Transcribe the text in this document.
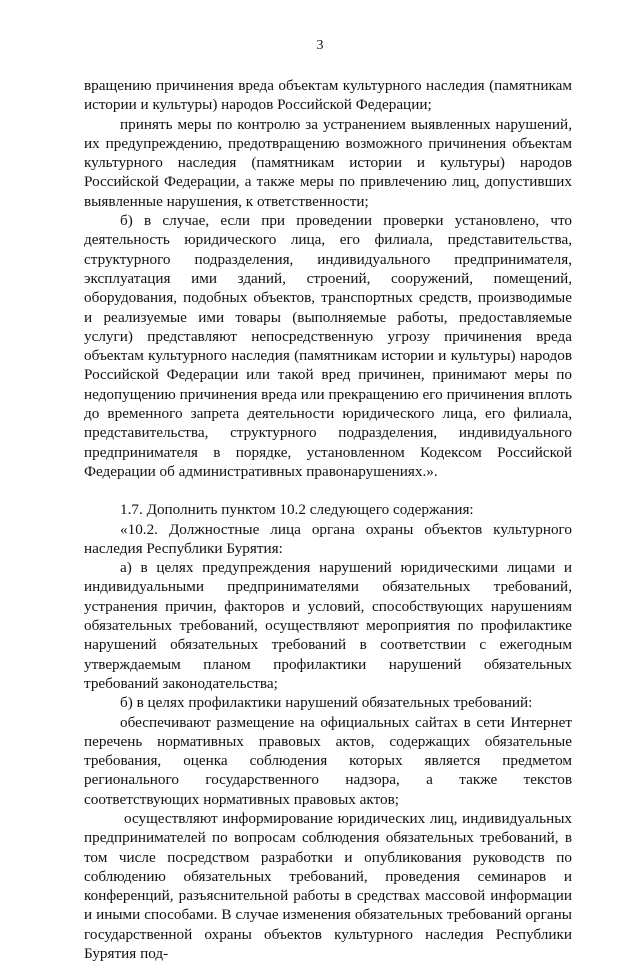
3

вращению причинения вреда объектам культурного наследия (памятникам истории и культуры) народов Российской Федерации;

принять меры по контролю за устранением выявленных нарушений, их предупреждению, предотвращению возможного причинения объектам культурного наследия (памятникам истории и культуры) народов Российской Федерации, а также меры по привлечению лиц, допустивших выявленные нарушения, к ответственности;

б) в случае, если при проведении проверки установлено, что деятельность юридического лица, его филиала, представительства, структурного подразделения, индивидуального предпринимателя, эксплуатация ими зданий, строений, сооружений, помещений, оборудования, подобных объектов, транспортных средств, производимые и реализуемые ими товары (выполняемые работы, предоставляемые услуги) представляют непосредственную угрозу причинения вреда объектам культурного наследия (памятникам истории и культуры) народов Российской Федерации или такой вред причинен, принимают меры по недопущению причинения вреда или прекращению его причинения вплоть до временного запрета деятельности юридического лица, его филиала, представительства, структурного подразделения, индивидуального предпринимателя в порядке, установленном Кодексом Российской Федерации об административных правонарушениях.».

1.7. Дополнить пунктом 10.2 следующего содержания:

«10.2. Должностные лица органа охраны объектов культурного наследия Республики Бурятия:

а) в целях предупреждения нарушений юридическими лицами и индивидуальными предпринимателями обязательных требований, устранения причин, факторов и условий, способствующих нарушениям обязательных требований, осуществляют мероприятия по профилактике нарушений обязательных требований в соответствии с ежегодным утверждаемым планом профилактики нарушений обязательных требований законодательства;

б) в целях профилактики нарушений обязательных требований:

обеспечивают размещение на официальных сайтах в сети Интернет перечень нормативных правовых актов, содержащих обязательные требования, оценка соблюдения которых является предметом регионального государственного надзора, а также текстов соответствующих нормативных правовых актов;

осуществляют информирование юридических лиц, индивидуальных предпринимателей по вопросам соблюдения обязательных требований, в том числе посредством разработки и опубликования руководств по соблюдению обязательных требований, проведения семинаров и конференций, разъяснительной работы в средствах массовой информации и иными способами. В случае изменения обязательных требований органы государственной охраны объектов культурного наследия Республики Бурятия под-
